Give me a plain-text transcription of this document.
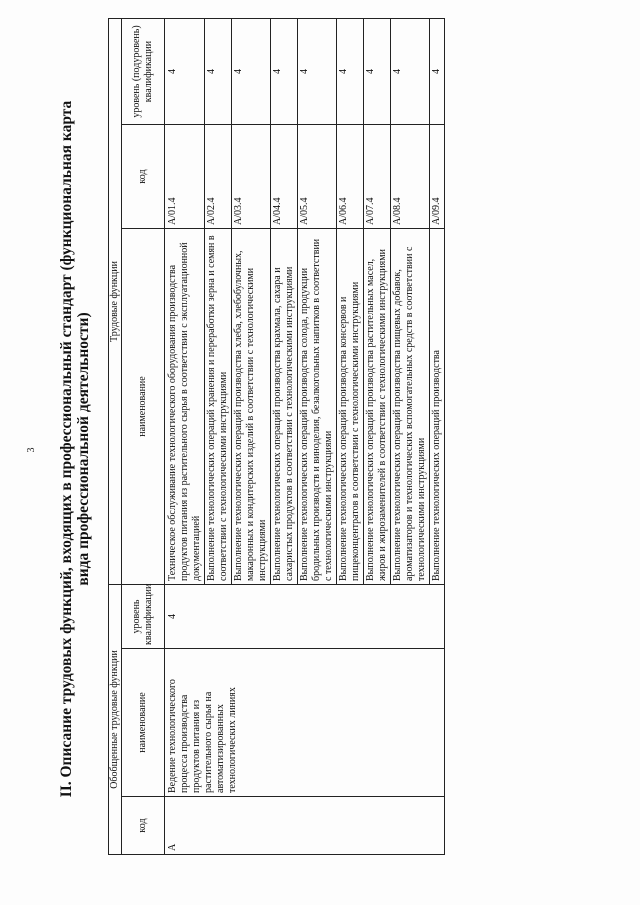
3 II. Описание трудовых функций, входящих в профессиональный стандарт (функциональная карта вида профессиональной деятельности)
Обобщенные трудовые функции			Трудовые функции		
код	наименование	уровень квалификации	наименование	код	уровень (подуровень) квалификации
A	Ведение технологического процесса производства продуктов питания из растительного сырья на автоматизированных технологических линиях	4	Техническое обслуживание технологического оборудования производства продуктов питания из растительного сырья в соответствии с эксплуатационной документацией	A/01.4	4
			Выполнение технологических операций хранения и переработки зерна и семян в соответствии с технологическими инструкциями	A/02.4	4
			Выполнение технологических операций производства хлеба, хлебобулочных, макаронных и кондитерских изделий в соответствии с технологическими инструкциями	A/03.4	4
			Выполнение технологических операций производства крахмала, сахара и сахаристых продуктов в соответствии с технологическими инструкциями	A/04.4	4
			Выполнение технологических операций производства солода, продукции бродильных производств и виноделия, безалкогольных напитков в соответствии с технологическими инструкциями	A/05.4	4
			Выполнение технологических операций производства консервов и пищеконцентратов в соответствии с технологическими инструкциями	A/06.4	4
			Выполнение технологических операций производства растительных масел, жиров и жирозаменителей в соответствии с технологическими инструкциями	A/07.4	4
			Выполнение технологических операций производства пищевых добавок, ароматизаторов и технологических вспомогательных средств в соответствии с технологическими инструкциями	A/08.4	4
			Выполнение технологических операций производства	A/09.4	4
